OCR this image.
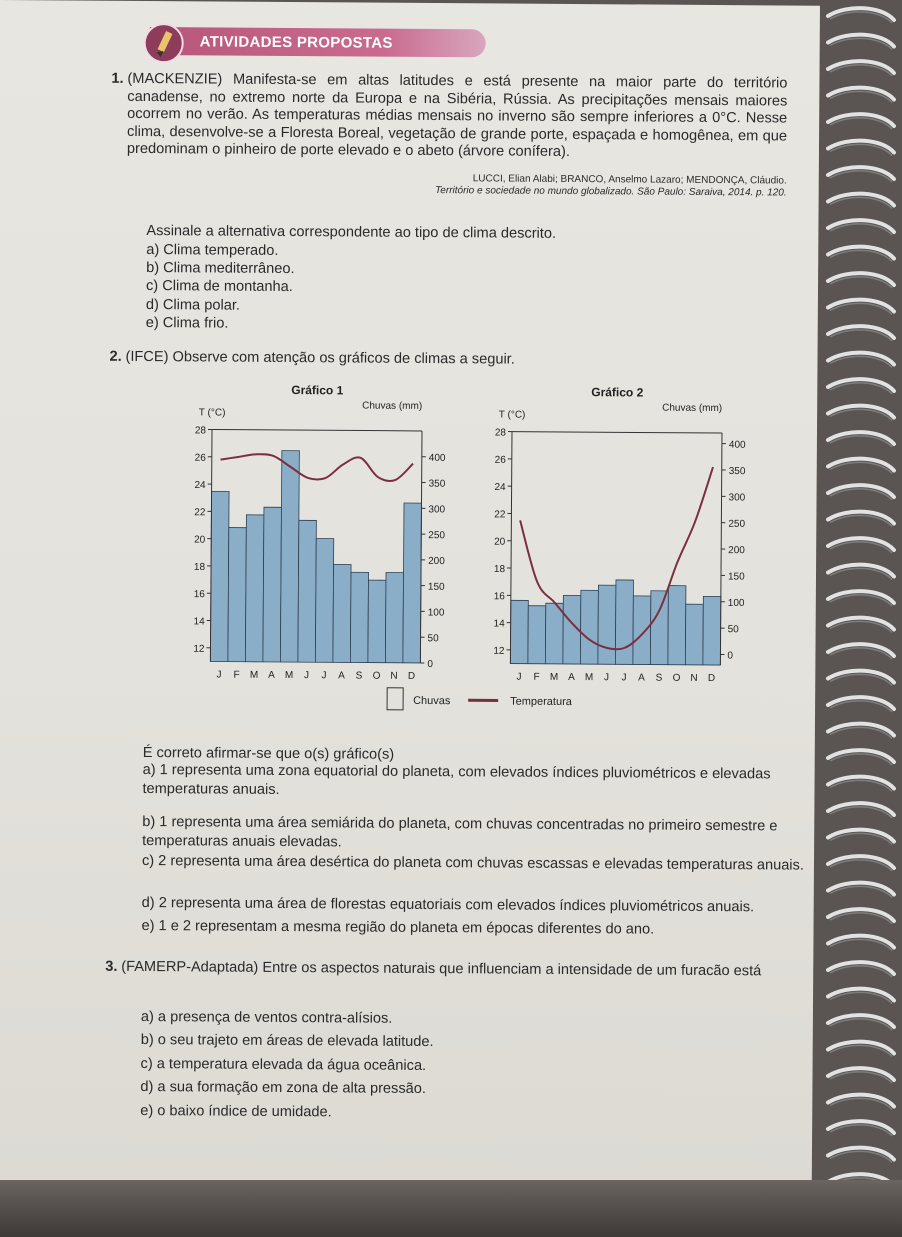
ATIVIDADES PROPOSTAS
1. (MACKENZIE) Manifesta-se em altas latitudes e está presente na maior parte do território canadense, no extremo norte da Europa e na Sibéria, Rússia. As precipitações mensais maiores ocorrem no verão. As temperaturas médias mensais no inverno são sempre inferiores a 0°C. Nesse clima, desenvolve-se a Floresta Boreal, vegetação de grande porte, espaçada e homogênea, em que predominam o pinheiro de porte elevado e o abeto (árvore conífera).
LUCCI, Elian Alabi; BRANCO, Anselmo Lazaro; MENDONÇA, Cláudio.
Território e sociedade no mundo globalizado. São Paulo: Saraiva, 2014. p. 120.
Assinale a alternativa correspondente ao tipo de clima descrito.
a) Clima temperado.
b) Clima mediterrâneo.
c) Clima de montanha.
d) Clima polar.
e) Clima frio.
2. (IFCE) Observe com atenção os gráficos de climas a seguir.
Gráfico 1
T (°C)
Chuvas (mm)
28
26
24
22
20
18
16
14
12
400
350
300
250
200
150
100
50
0
J F M A M J J A S O N D
Gráfico 2
T (°C)
Chuvas (mm)
28
26
24
22
20
18
16
14
12
400
350
300
250
200
150
100
50
0
J F M A M J J A S O N D
Chuvas	Temperatura
É correto afirmar-se que o(s) gráfico(s)
a) 1 representa uma zona equatorial do planeta, com elevados índices pluviométricos e elevadas temperaturas anuais.
b) 1 representa uma área semiárida do planeta, com chuvas concentradas no primeiro semestre e temperaturas anuais elevadas.
c) 2 representa uma área desértica do planeta com chuvas escassas e elevadas temperaturas anuais.
d) 2 representa uma área de florestas equatoriais com elevados índices pluviométricos anuais.
e) 1 e 2 representam a mesma região do planeta em épocas diferentes do ano.
3. (FAMERP-Adaptada) Entre os aspectos naturais que influenciam a intensidade de um furacão está
a) a presença de ventos contra-alísios.
b) o seu trajeto em áreas de elevada latitude.
c) a temperatura elevada da água oceânica.
d) a sua formação em zona de alta pressão.
e) o baixo índice de umidade.
